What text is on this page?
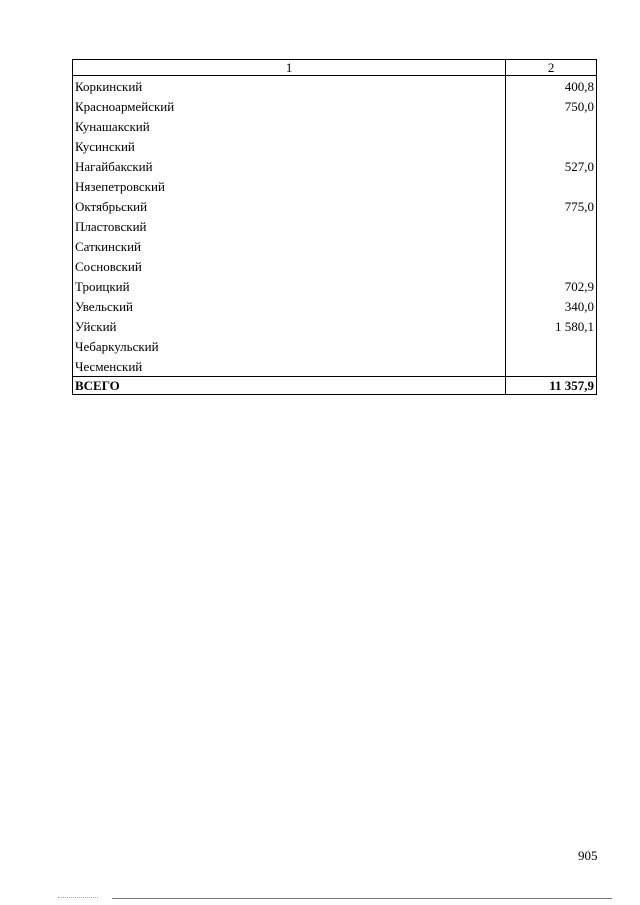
1	2
Коркинский	400,8
Красноармейский	750,0
Кунашакский	
Кусинский	
Нагайбакский	527,0
Нязепетровский	
Октябрьский	775,0
Пластовский	
Саткинский	
Сосновский	
Троицкий	702,9
Увельский	340,0
Уйский	1 580,1
Чебаркульский	
Чесменский	
ВСЕГО	11 357,9
905
